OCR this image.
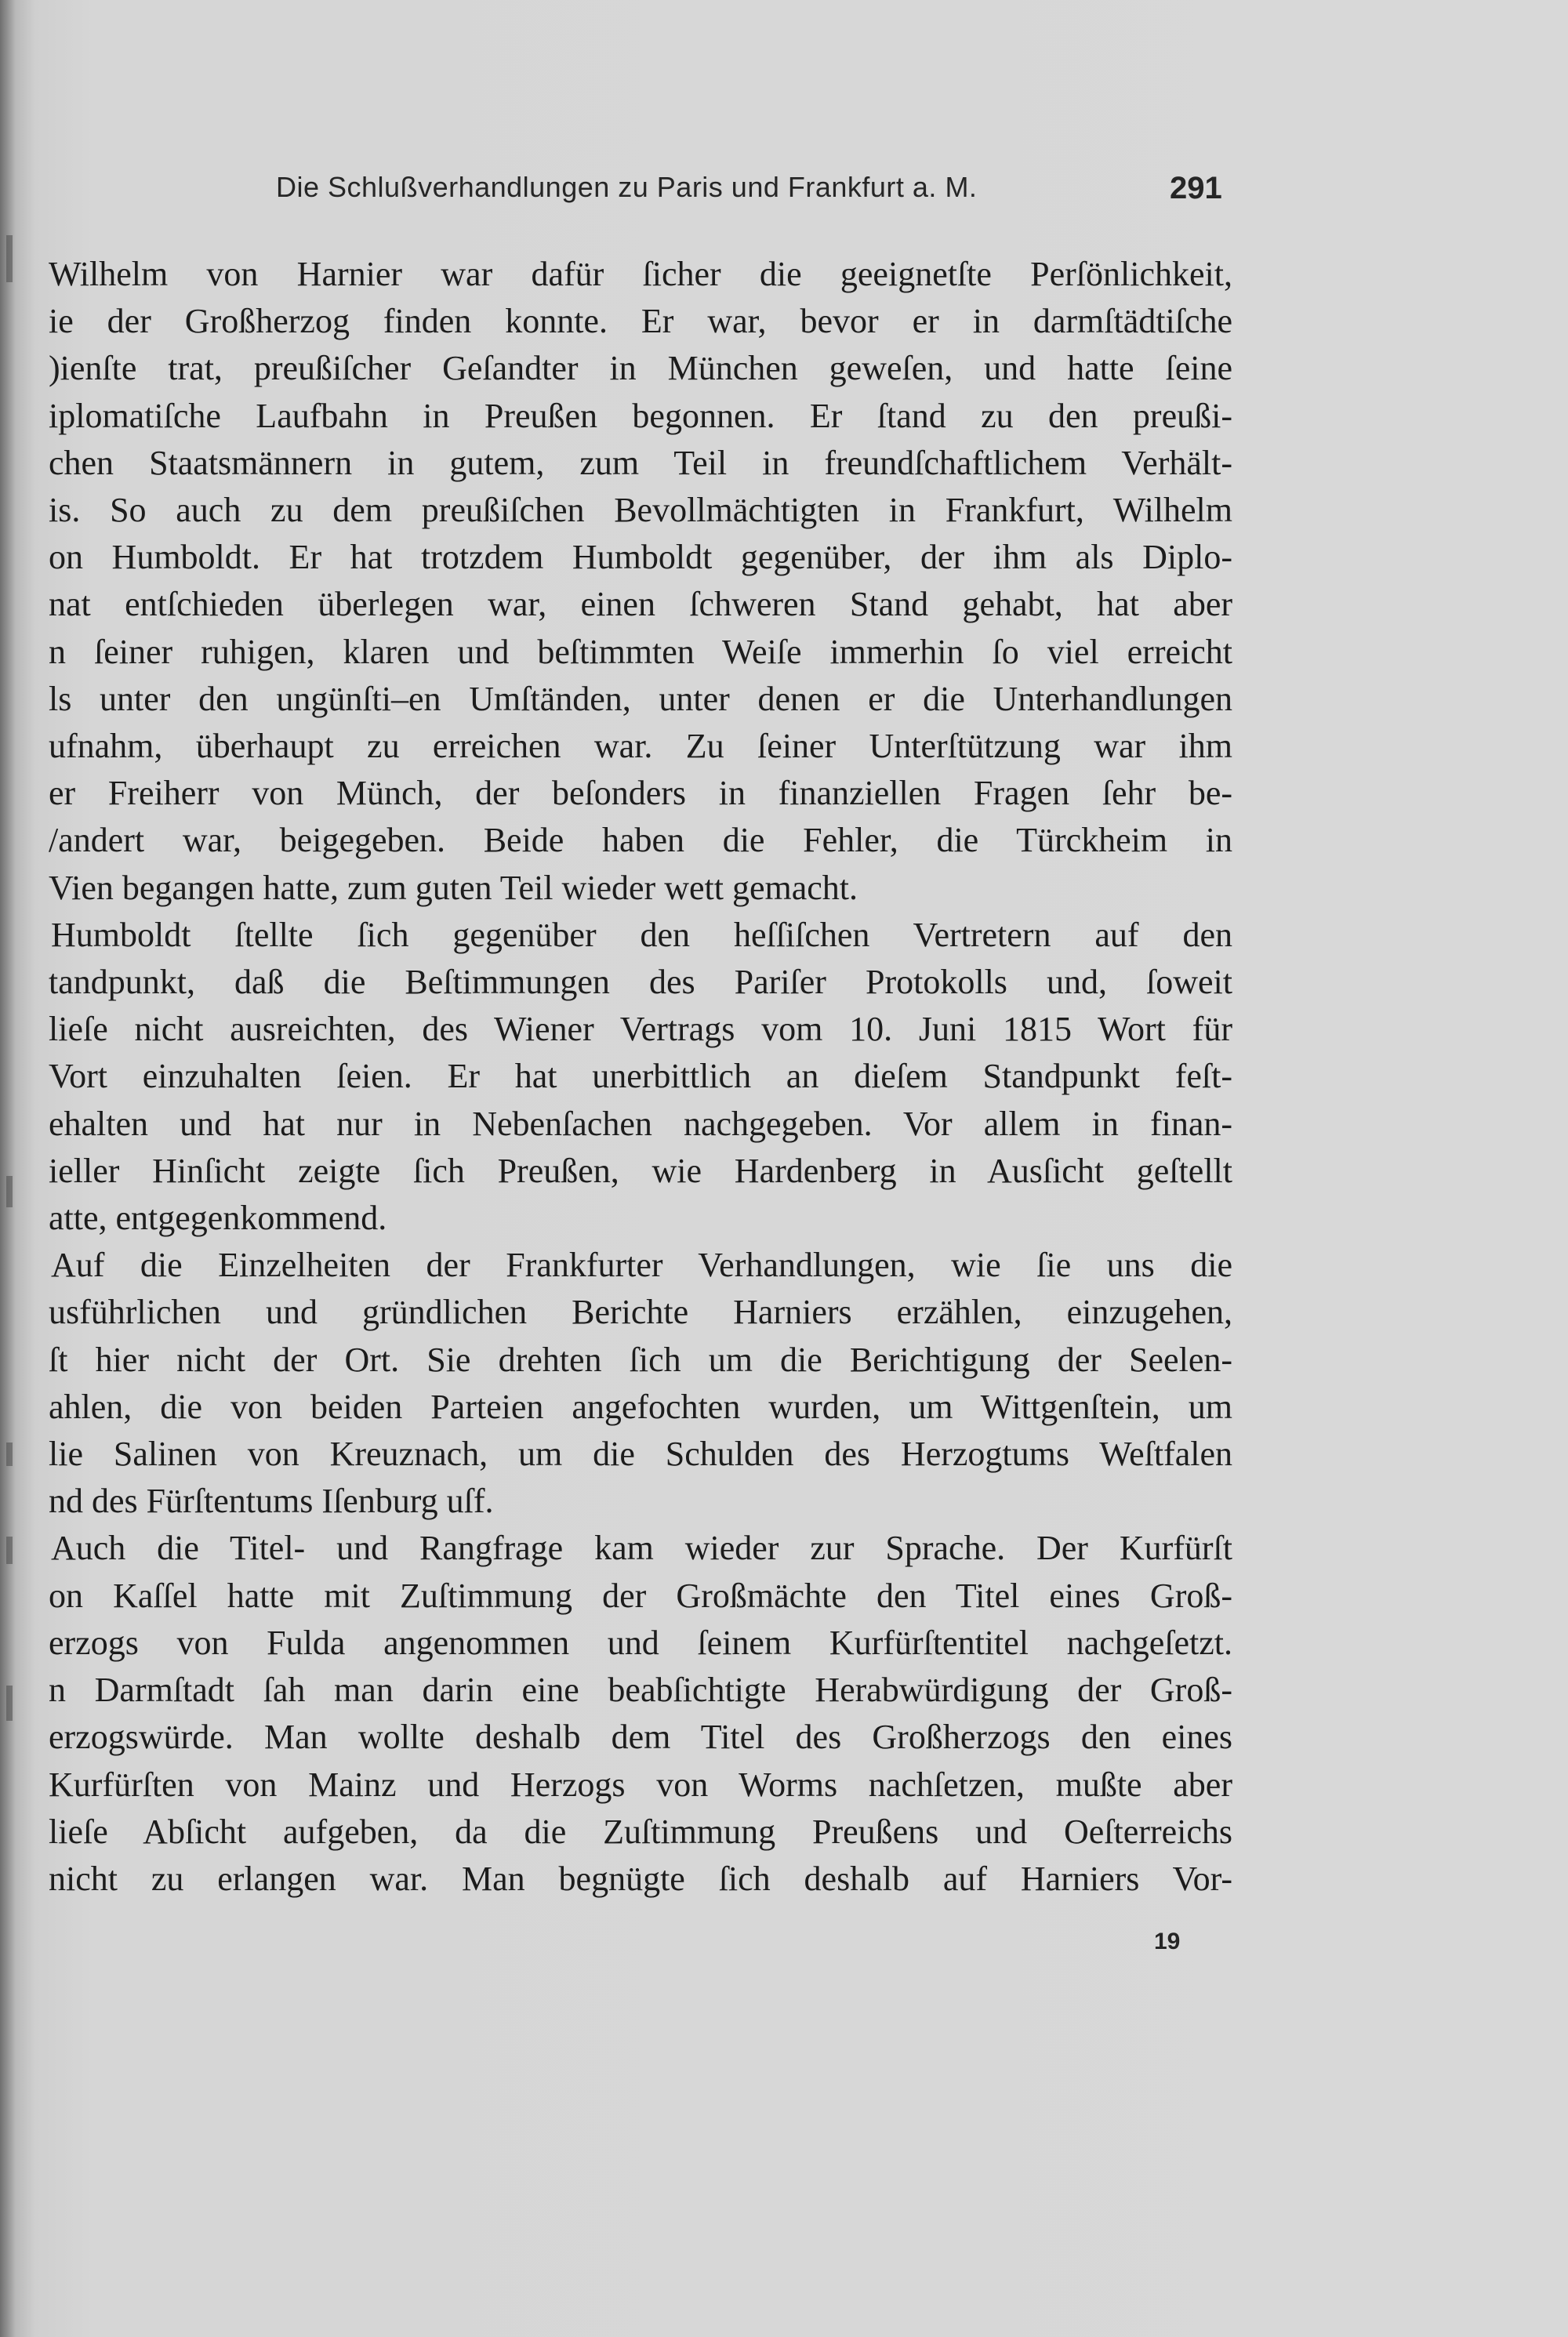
Die Schlußverhandlungen zu Paris und Frankfurt a. M.	291
Wilhelm von Harnier war dafür ſicher die geeignetſte Perſönlichkeit,
ie der Großherzog finden konnte. Er war, bevor er in darmſtädtiſche
)ienſte trat, preußiſcher Geſandter in München geweſen, und hatte ſeine
iplomatiſche Laufbahn in Preußen begonnen. Er ſtand zu den preußi-
chen Staatsmännern in gutem, zum Teil in freundſchaftlichem Verhält-
is. So auch zu dem preußiſchen Bevollmächtigten in Frankfurt, Wilhelm
on Humboldt. Er hat trotzdem Humboldt gegenüber, der ihm als Diplo-
nat entſchieden überlegen war, einen ſchweren Stand gehabt, hat aber
n ſeiner ruhigen, klaren und beſtimmten Weiſe immerhin ſo viel erreicht
ls unter den ungünſti–en Umſtänden, unter denen er die Unterhandlungen
ufnahm, überhaupt zu erreichen war. Zu ſeiner Unterſtützung war ihm
er Freiherr von Münch, der beſonders in finanziellen Fragen ſehr be-
/andert war, beigegeben. Beide haben die Fehler, die Türckheim in
Vien begangen hatte, zum guten Teil wieder wett gemacht.
Humboldt ſtellte ſich gegenüber den heſſiſchen Vertretern auf den
tandpunkt, daß die Beſtimmungen des Pariſer Protokolls und, ſoweit
lieſe nicht ausreichten, des Wiener Vertrags vom 10. Juni 1815 Wort für
Vort einzuhalten ſeien. Er hat unerbittlich an dieſem Standpunkt feſt-
ehalten und hat nur in Nebenſachen nachgegeben. Vor allem in finan-
ieller Hinſicht zeigte ſich Preußen, wie Hardenberg in Ausſicht geſtellt
atte, entgegenkommend.
Auf die Einzelheiten der Frankfurter Verhandlungen, wie ſie uns die
usführlichen und gründlichen Berichte Harniers erzählen, einzugehen,
ſt hier nicht der Ort. Sie drehten ſich um die Berichtigung der Seelen-
ahlen, die von beiden Parteien angefochten wurden, um Wittgenſtein, um
lie Salinen von Kreuznach, um die Schulden des Herzogtums Weſtfalen
nd des Fürſtentums Iſenburg uſf.
Auch die Titel- und Rangfrage kam wieder zur Sprache. Der Kurfürſt
on Kaſſel hatte mit Zuſtimmung der Großmächte den Titel eines Groß-
erzogs von Fulda angenommen und ſeinem Kurfürſtentitel nachgeſetzt.
n Darmſtadt ſah man darin eine beabſichtigte Herabwürdigung der Groß-
erzogswürde. Man wollte deshalb dem Titel des Großherzogs den eines
Kurfürſten von Mainz und Herzogs von Worms nachſetzen, mußte aber
lieſe Abſicht aufgeben, da die Zuſtimmung Preußens und Oeſterreichs
nicht zu erlangen war. Man begnügte ſich deshalb auf Harniers Vor-
19
